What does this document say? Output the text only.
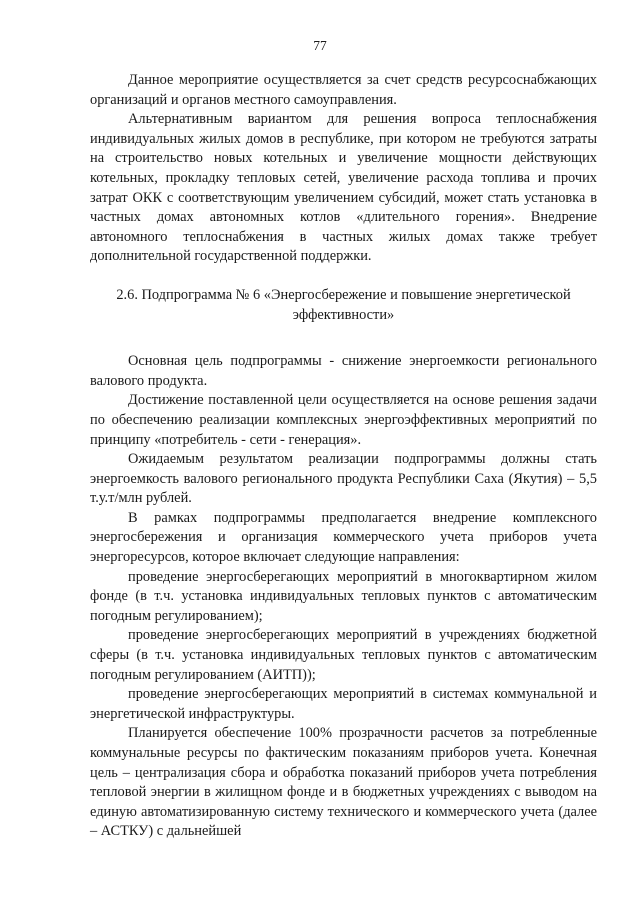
77

Данное мероприятие осуществляется за счет средств ресурсоснабжающих организаций и органов местного самоуправления.

Альтернативным вариантом для решения вопроса теплоснабжения индивидуальных жилых домов в республике, при котором не требуются затраты на строительство новых котельных и увеличение мощности действующих котельных, прокладку тепловых сетей, увеличение расхода топлива и прочих затрат ОКК с соответствующим увеличением субсидий, может стать установка в частных домах автономных котлов «длительного горения». Внедрение автономного теплоснабжения в частных жилых домах также требует дополнительной государственной поддержки.

2.6. Подпрограмма № 6 «Энергосбережение и повышение энергетической
эффективности»

Основная цель подпрограммы - снижение энергоемкости регионального валового продукта.

Достижение поставленной цели осуществляется на основе решения задачи по обеспечению реализации комплексных энергоэффективных мероприятий по принципу «потребитель - сети - генерация».

Ожидаемым результатом реализации подпрограммы должны стать энергоемкость валового регионального продукта Республики Саха (Якутия) – 5,5 т.у.т/млн рублей.

В рамках подпрограммы предполагается внедрение комплексного энергосбережения и организация коммерческого учета приборов учета энергоресурсов, которое включает следующие направления:

проведение энергосберегающих мероприятий в многоквартирном жилом фонде (в т.ч. установка индивидуальных тепловых пунктов с автоматическим погодным регулированием);

проведение энергосберегающих мероприятий в учреждениях бюджетной сферы (в т.ч. установка индивидуальных тепловых пунктов с автоматическим погодным регулированием (АИТП));

проведение энергосберегающих мероприятий в системах коммунальной и энергетической инфраструктуры.

Планируется обеспечение 100% прозрачности расчетов за потребленные коммунальные ресурсы по фактическим показаниям приборов учета. Конечная цель – централизация сбора и обработка показаний приборов учета потребления тепловой энергии в жилищном фонде и в бюджетных учреждениях с выводом на единую автоматизированную систему технического и коммерческого учета (далее – АСТКУ) с дальнейшей
